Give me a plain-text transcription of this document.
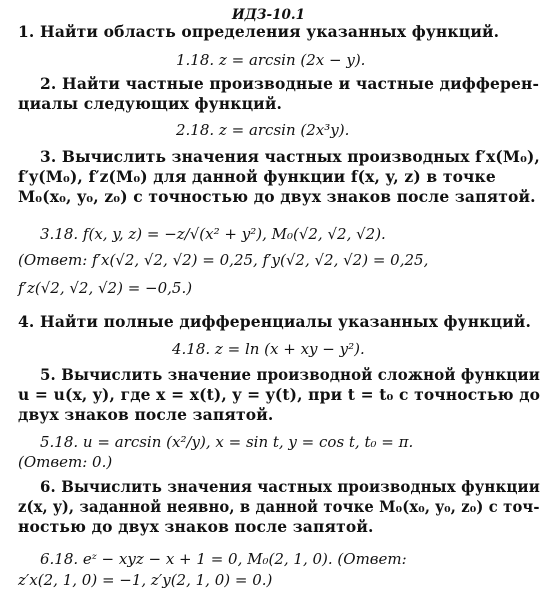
ИДЗ-10.1
1. Найти область определения указанных функций.
1.18. z = arcsin (2x − y).
2. Найти частные производные и частные дифферен-
циалы следующих функций.
2.18. z = arcsin (2x³y).
3. Вычислить значения частных производных f′x(M₀),
f′y(M₀), f′z(M₀) для данной функции f(x, y, z) в точке
M₀(x₀, y₀, z₀) с точностью до двух знаков после запятой.
3.18. f(x, y, z) = −z/√(x² + y²), M₀(√2, √2, √2).
(Ответ: f′x(√2, √2, √2) = 0,25, f′y(√2, √2, √2) = 0,25,
f′z(√2, √2, √2) = −0,5.)
4. Найти полные дифференциалы указанных функций.
4.18. z = ln (x + xy − y²).
5. Вычислить значение производной сложной функции
u = u(x, y), где x = x(t), y = y(t), при t = t₀ с точностью до
двух знаков после запятой.
5.18. u = arcsin (x²/y), x = sin t, y = cos t, t₀ = π.
(Ответ: 0.)
6. Вычислить значения частных производных функции
z(x, y), заданной неявно, в данной точке M₀(x₀, y₀, z₀) с точ-
ностью до двух знаков после запятой.
6.18. eᶻ − xyz − x + 1 = 0, M₀(2, 1, 0). (Ответ:
z′x(2, 1, 0) = −1, z′y(2, 1, 0) = 0.)
